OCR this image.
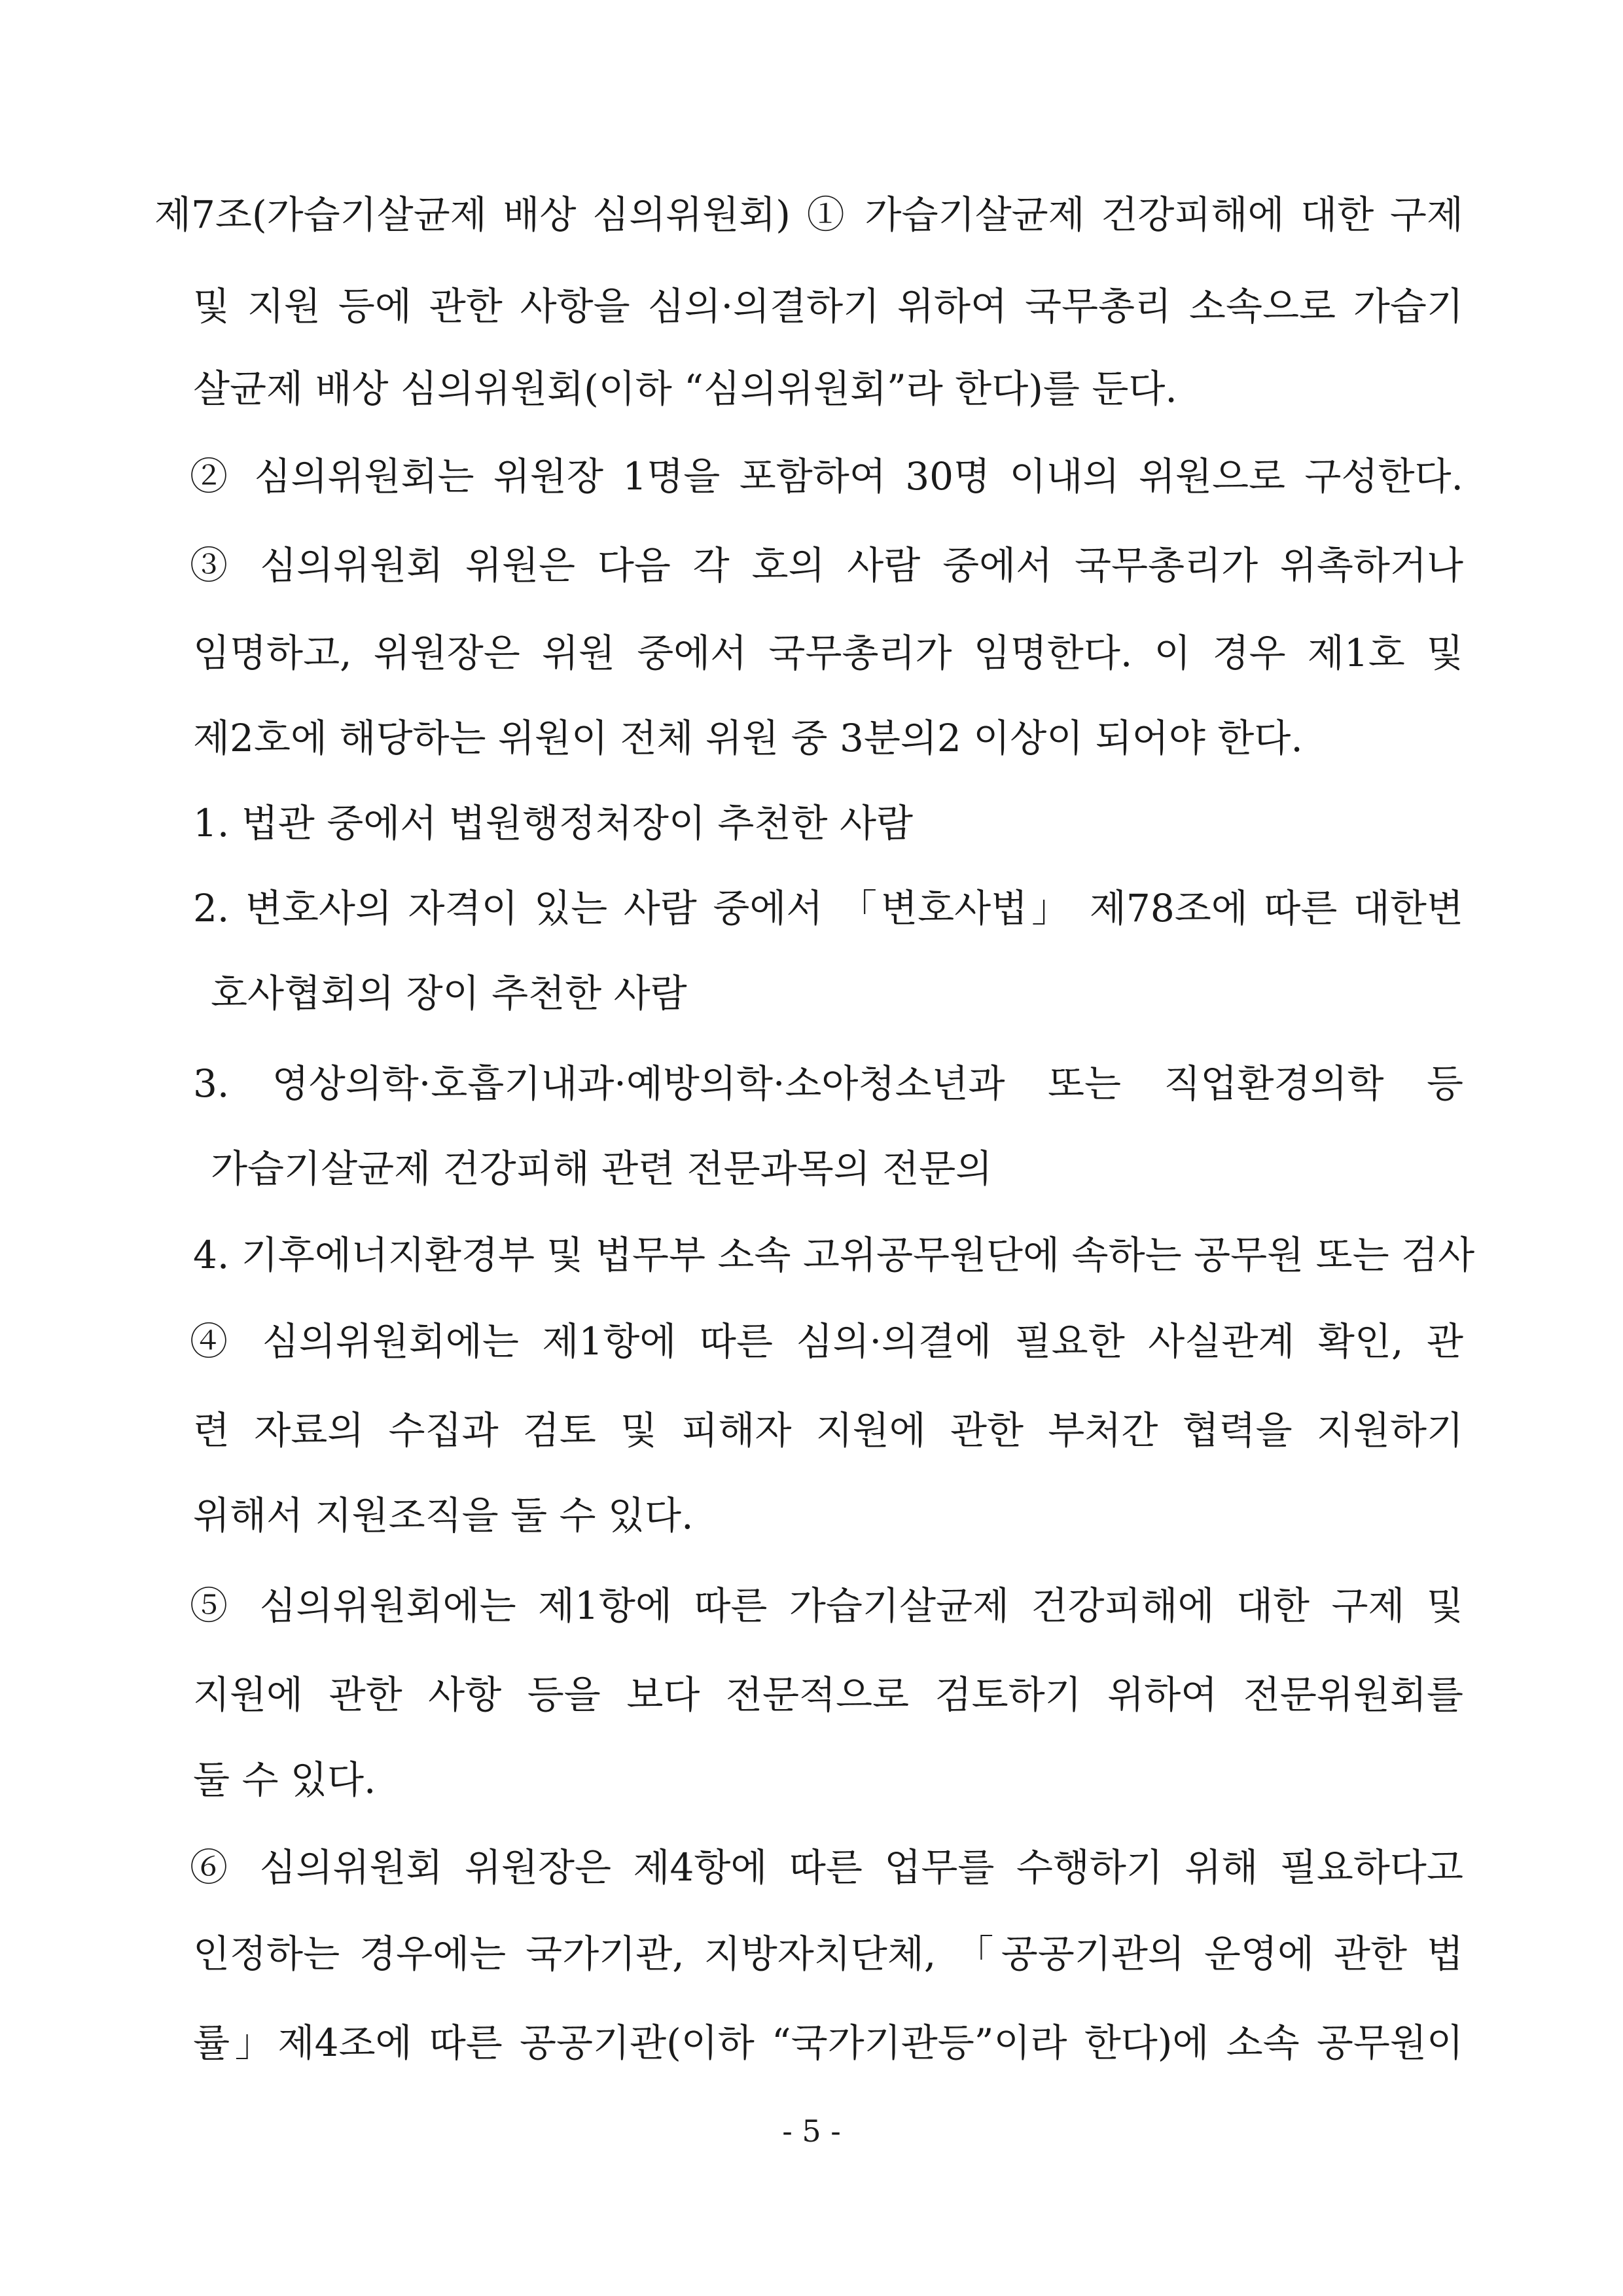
제7조(가습기살균제 배상 심의위원회) ① 가습기살균제 건강피해에 대한 구제
및 지원 등에 관한 사항을 심의·의결하기 위하여 국무총리 소속으로 가습기
살균제 배상 심의위원회(이하 “심의위원회”라 한다)를 둔다.
② 심의위원회는 위원장 1명을 포함하여 30명 이내의 위원으로 구성한다.
③ 심의위원회 위원은 다음 각 호의 사람 중에서 국무총리가 위촉하거나
임명하고, 위원장은 위원 중에서 국무총리가 임명한다. 이 경우 제1호 및
제2호에 해당하는 위원이 전체 위원 중 3분의2 이상이 되어야 한다.
1. 법관 중에서 법원행정처장이 추천한 사람
2. 변호사의 자격이 있는 사람 중에서 「변호사법」 제78조에 따른 대한변
호사협회의 장이 추천한 사람
3. 영상의학·호흡기내과·예방의학·소아청소년과 또는 직업환경의학 등
가습기살균제 건강피해 관련 전문과목의 전문의
4. 기후에너지환경부 및 법무부 소속 고위공무원단에 속하는 공무원 또는 검사
④ 심의위원회에는 제1항에 따른 심의·의결에 필요한 사실관계 확인, 관
련 자료의 수집과 검토 및 피해자 지원에 관한 부처간 협력을 지원하기
위해서 지원조직을 둘 수 있다.
⑤ 심의위원회에는 제1항에 따른 가습기살균제 건강피해에 대한 구제 및
지원에 관한 사항 등을 보다 전문적으로 검토하기 위하여 전문위원회를
둘 수 있다.
⑥ 심의위원회 위원장은 제4항에 따른 업무를 수행하기 위해 필요하다고
인정하는 경우에는 국가기관, 지방자치단체, 「공공기관의 운영에 관한 법
률」제4조에 따른 공공기관(이하 “국가기관등”이라 한다)에 소속 공무원이
- 5 -
